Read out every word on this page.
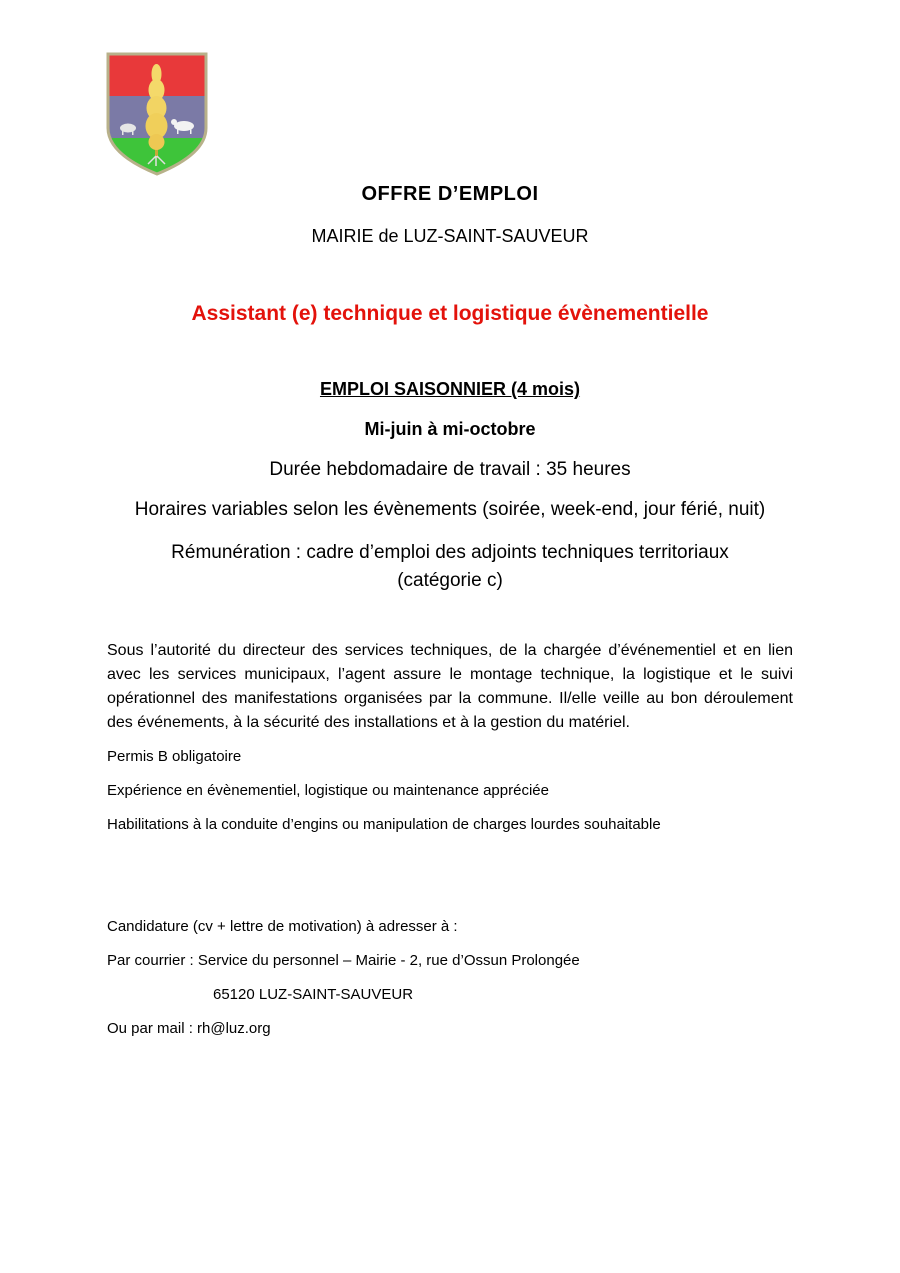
OFFRE D’EMPLOI
MAIRIE de LUZ-SAINT-SAUVEUR
Assistant (e) technique et logistique évènementielle
EMPLOI SAISONNIER (4 mois)
Mi-juin à mi-octobre
Durée hebdomadaire de travail : 35 heures
Horaires variables selon les évènements (soirée, week-end, jour férié, nuit)
Rémunération : cadre d’emploi des adjoints techniques territoriaux
(catégorie c)
Sous l’autorité du directeur des services techniques, de la chargée d’événementiel et en lien avec les services municipaux, l’agent assure le montage technique, la logistique et le suivi opérationnel des manifestations organisées par la commune. Il/elle veille au bon déroulement des événements, à la sécurité des installations et à la gestion du matériel.
Permis B obligatoire
Expérience en évènementiel, logistique ou maintenance appréciée
Habilitations à la conduite d’engins ou manipulation de charges lourdes souhaitable
Candidature (cv + lettre de motivation) à adresser à :
Par courrier : Service du personnel – Mairie - 2, rue d’Ossun Prolongée
65120 LUZ-SAINT-SAUVEUR
Ou par mail : rh@luz.org
